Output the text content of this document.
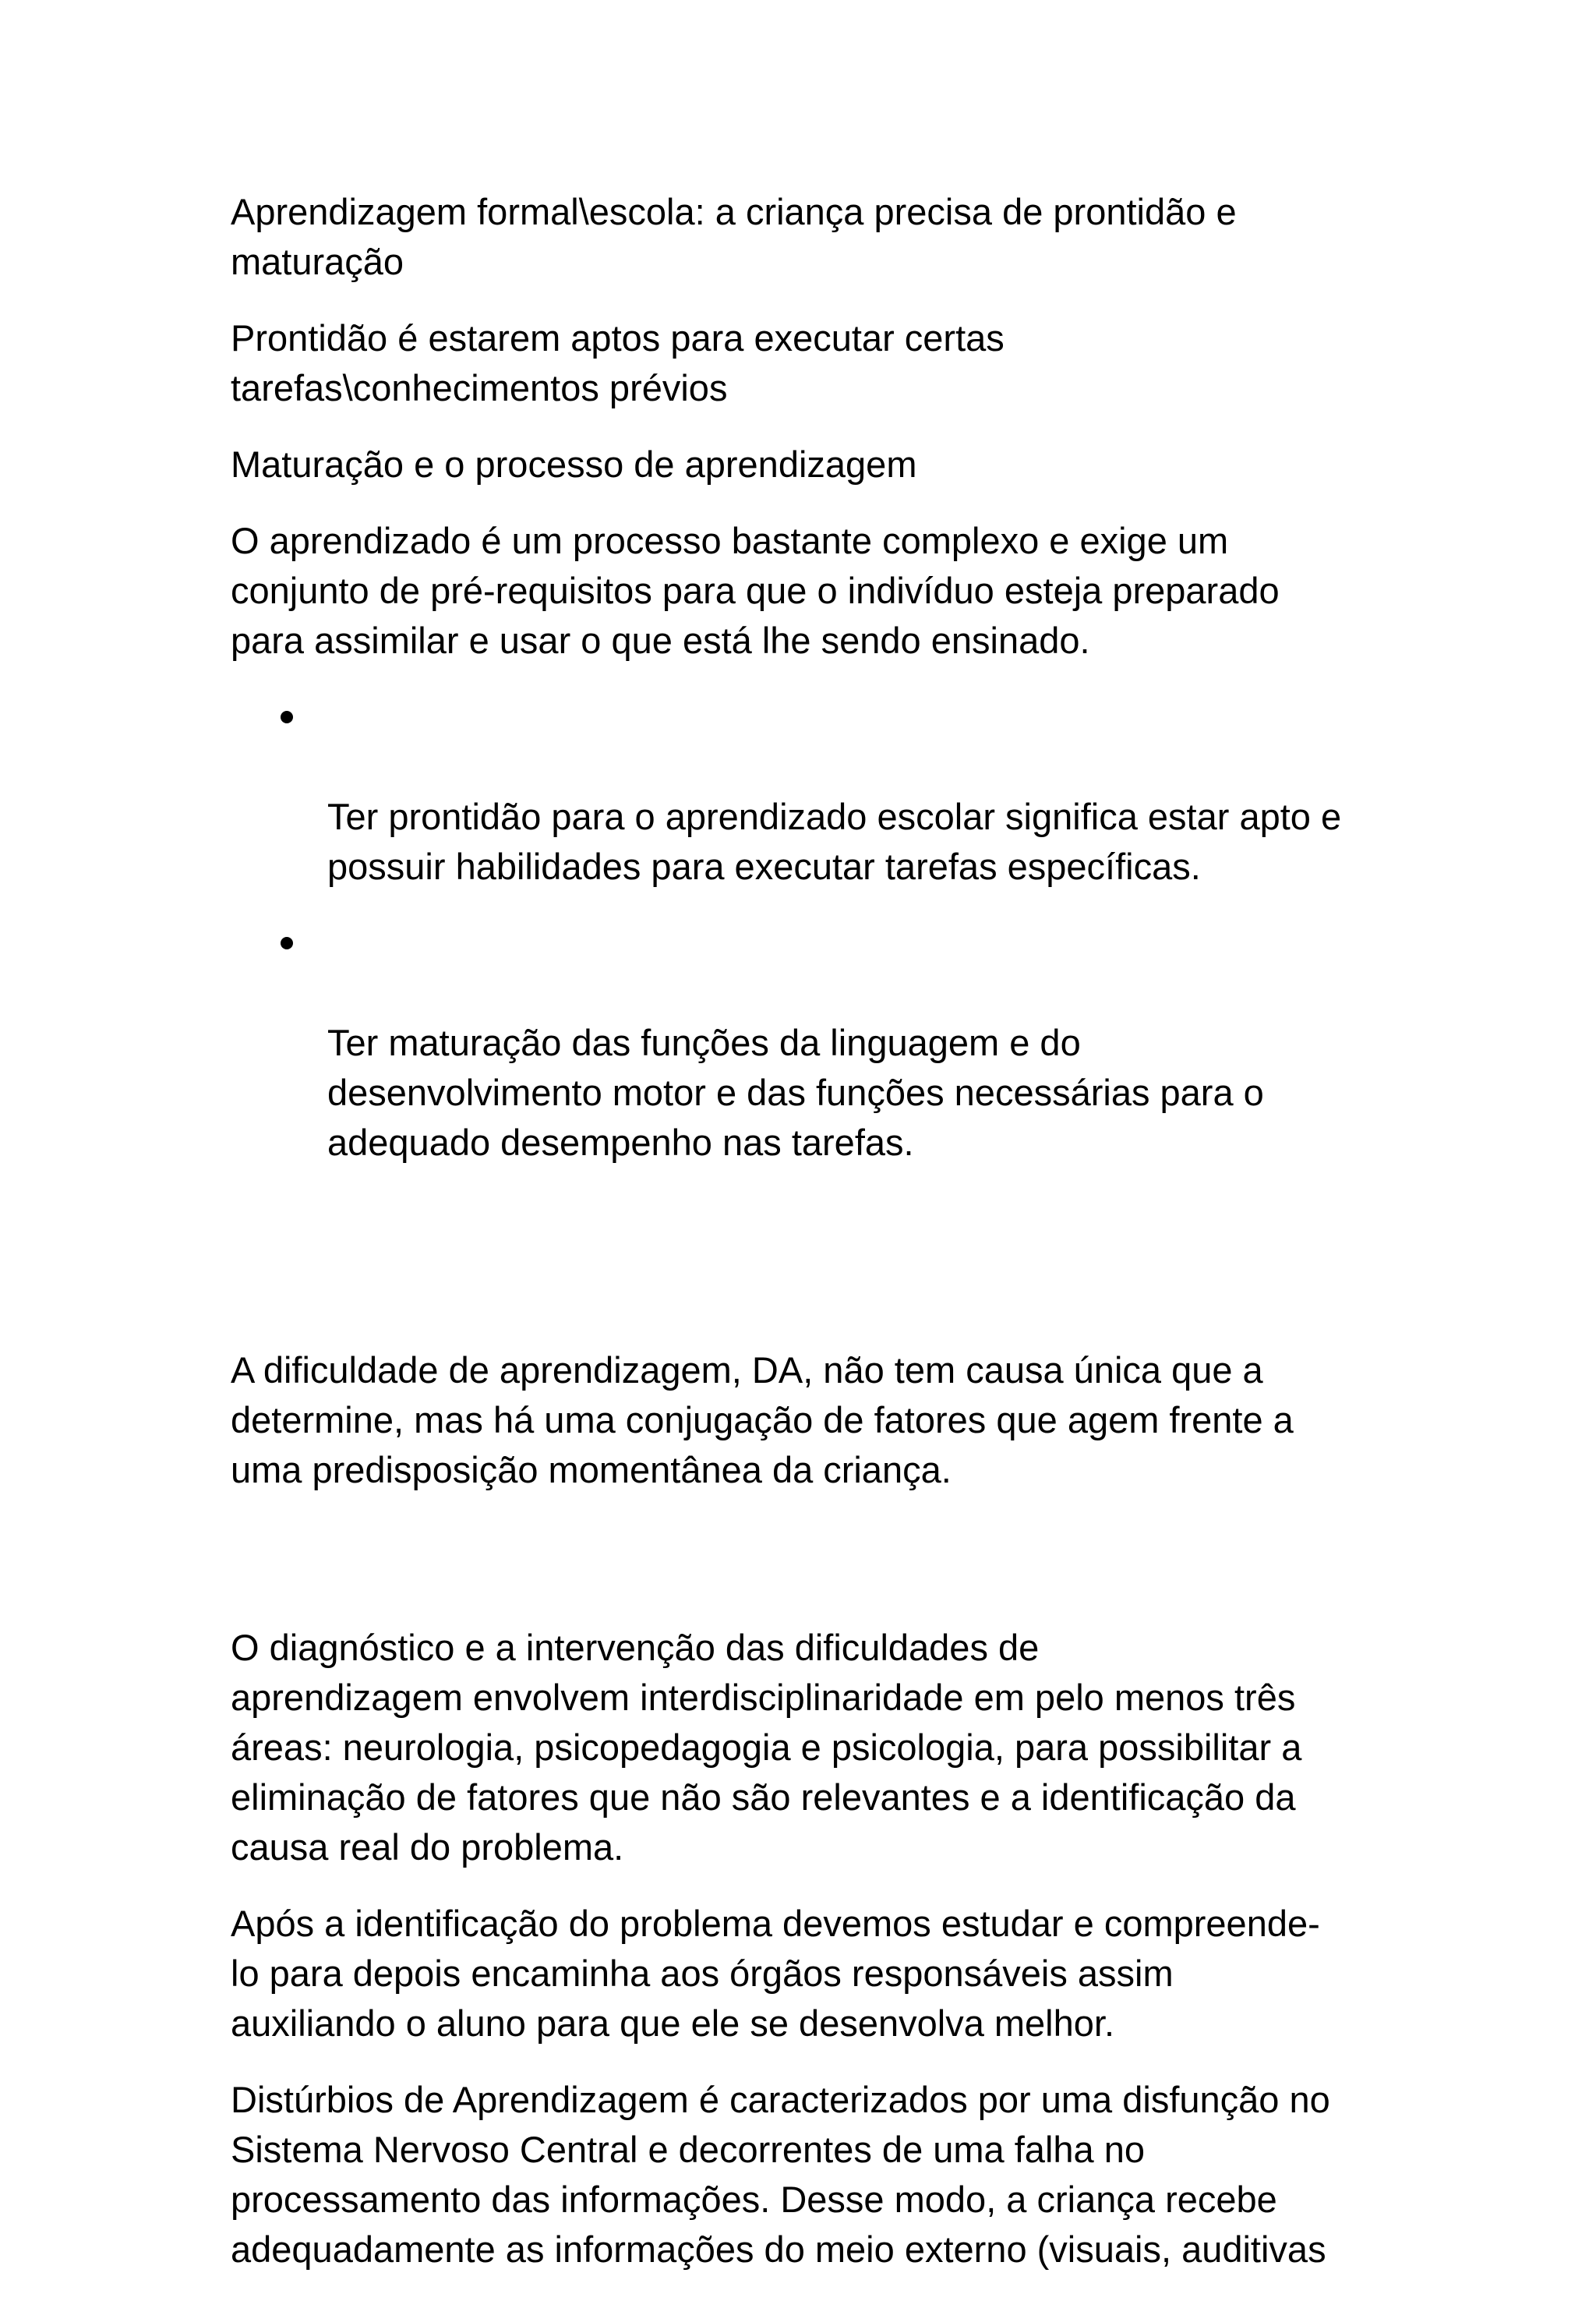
Aprendizagem formal\escola: a criança precisa de prontidão e
maturação

Prontidão é estarem aptos para executar certas
tarefas\conhecimentos prévios

Maturação e o processo de aprendizagem

O aprendizado é um processo bastante complexo e exige um
conjunto de pré-requisitos para que o indivíduo esteja preparado
para assimilar e usar o que está lhe sendo ensinado.

Ter prontidão para o aprendizado escolar significa estar apto e
possuir habilidades para executar tarefas específicas.

Ter maturação das funções da linguagem e do
desenvolvimento motor e das funções necessárias para o
adequado desempenho nas tarefas.

A dificuldade de aprendizagem, DA, não tem causa única que a
determine, mas há uma conjugação de fatores que agem frente a
uma predisposição momentânea da criança.

O diagnóstico e a intervenção das dificuldades de
aprendizagem envolvem interdisciplinaridade em pelo menos três
áreas: neurologia, psicopedagogia e psicologia, para possibilitar a
eliminação de fatores que não são relevantes e a identificação da
causa real do problema.

Após a identificação do problema devemos estudar e compreende-
lo para depois encaminha aos órgãos responsáveis assim
auxiliando o aluno para que ele se desenvolva melhor.

Distúrbios de Aprendizagem é caracterizados por uma disfunção no
Sistema Nervoso Central e decorrentes de uma falha no
processamento das informações. Desse modo, a criança recebe
adequadamente as informações do meio externo (visuais, auditivas
